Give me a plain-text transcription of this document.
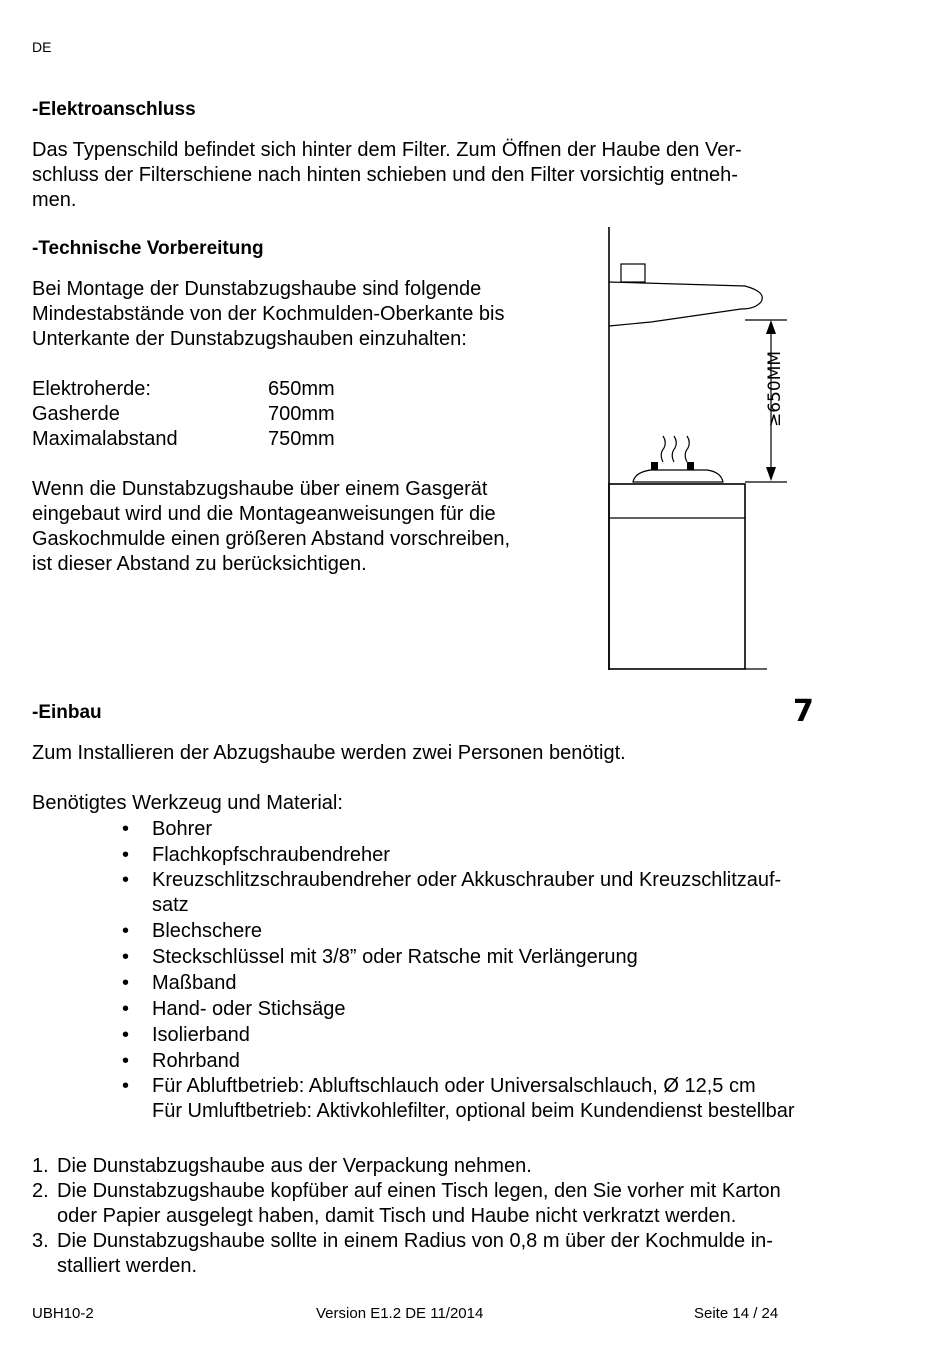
DE
-Elektroanschluss
Das Typenschild befindet sich hinter dem Filter. Zum Öffnen der Haube den Ver-
schluss der Filterschiene nach hinten schieben und den Filter vorsichtig entneh-
men.
-Technische Vorbereitung
Bei Montage der Dunstabzugshaube sind folgende
Mindestabstände von der Kochmulden-Oberkante bis
Unterkante der Dunstabzugshauben einzuhalten:
Elektroherde:	650mm
Gasherde	700mm
Maximalabstand	750mm
Wenn die Dunstabzugshaube über einem Gasgerät
eingebaut wird und die Montageanweisungen für die
Gaskochmulde einen größeren Abstand vorschreiben,
ist dieser Abstand zu berücksichtigen.
≥650MM
7
-Einbau
Zum Installieren der Abzugshaube werden zwei Personen benötigt.
Benötigtes Werkzeug und Material:
• Bohrer
• Flachkopfschraubendreher
• Kreuzschlitzschraubendreher oder Akkuschrauber und Kreuzschlitzauf-
satz
• Blechschere
• Steckschlüssel mit 3/8” oder Ratsche mit Verlängerung
• Maßband
• Hand- oder Stichsäge
• Isolierband
• Rohrband
• Für Abluftbetrieb: Abluftschlauch oder Universalschlauch, Ø 12,5 cm
Für Umluftbetrieb: Aktivkohlefilter, optional beim Kundendienst bestellbar
1. Die Dunstabzugshaube aus der Verpackung nehmen.
2. Die Dunstabzugshaube kopfüber auf einen Tisch legen, den Sie vorher mit Karton
oder Papier ausgelegt haben, damit Tisch und Haube nicht verkratzt werden.
3. Die Dunstabzugshaube sollte in einem Radius von 0,8 m über der Kochmulde in-
stalliert werden.
UBH10-2	Version E1.2 DE 11/2014	Seite 14 / 24
